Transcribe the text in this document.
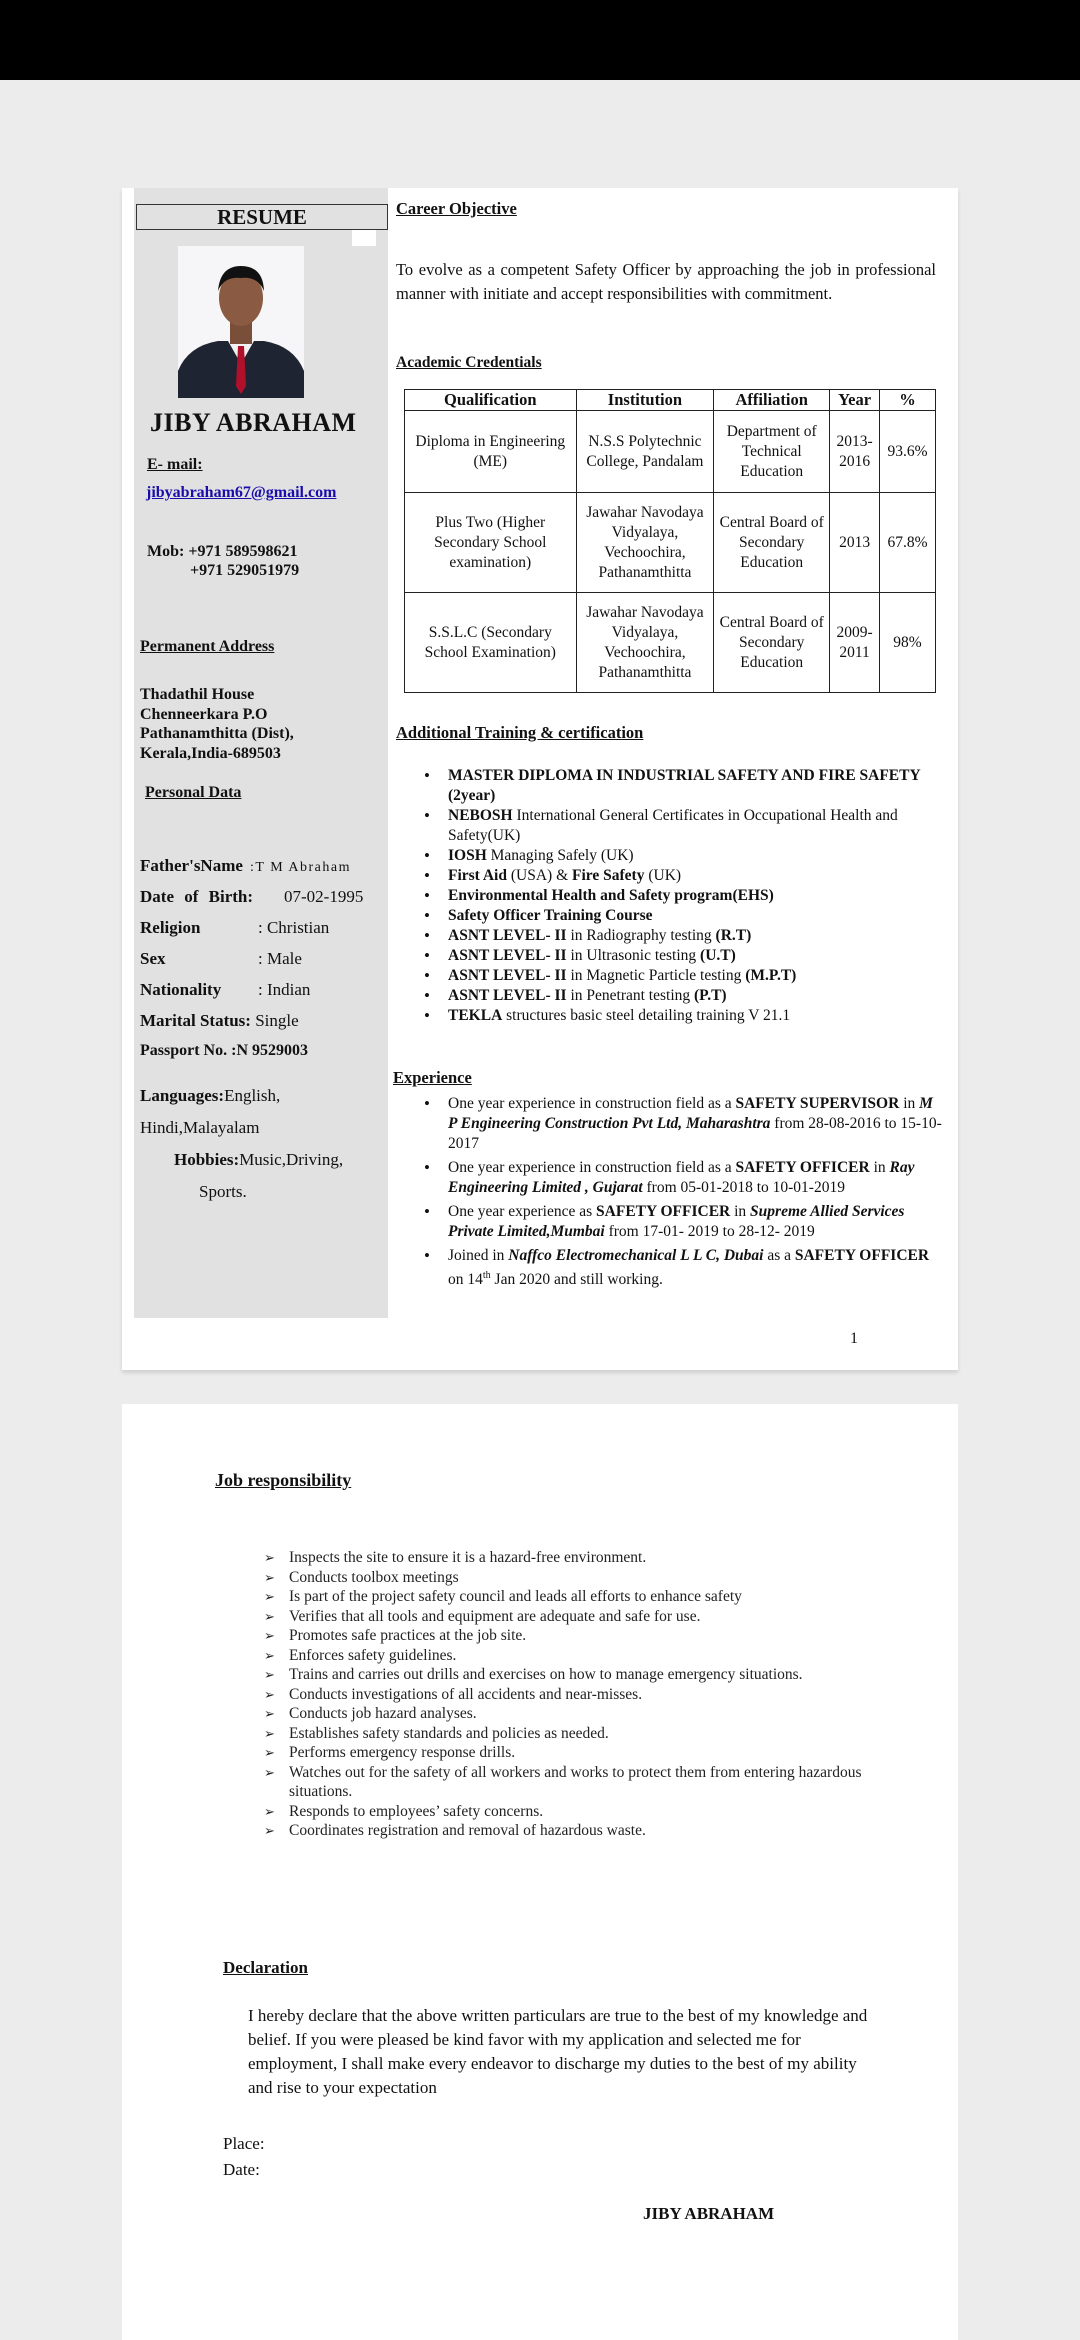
RESUME
JIBY ABRAHAM
E- mail:
jibyabraham67@gmail.com
Mob: +971 589598621
+971 529051979
Permanent Address
Thadathil House
Chenneerkara P.O
Pathanamthitta (Dist),
Kerala,India-689503
Personal Data
Father'sName :T M Abraham
Date of Birth: 07-02-1995
Religion	: Christian
Sex	: Male
Nationality : Indian
Marital Status: Single
Passport No. :N 9529003
Languages:English,
Hindi,Malayalam
Hobbies:Music,Driving,
Sports.
Career Objective
To evolve as a competent Safety Officer by approaching the job in professional manner with initiate and accept responsibilities with commitment.
Academic Credentials
Qualification	Institution	Affiliation	Year	%
Diploma in Engineering (ME)	N.S.S Polytechnic College, Pandalam	Department of Technical Education	2013-2016	93.6%
Plus Two (Higher Secondary School examination)	Jawahar Navodaya Vidyalaya, Vechoochira, Pathanamthitta	Central Board of Secondary Education	2013	67.8%
S.S.L.C (Secondary School Examination)	Jawahar Navodaya Vidyalaya, Vechoochira, Pathanamthitta	Central Board of Secondary Education	2009-2011	98%
Additional Training & certification
• MASTER DIPLOMA IN INDUSTRIAL SAFETY AND FIRE SAFETY (2year)
• NEBOSH International General Certificates in Occupational Health and Safety(UK)
• IOSH Managing Safely (UK)
• First Aid (USA) & Fire Safety (UK)
• Environmental Health and Safety program(EHS)
• Safety Officer Training Course
• ASNT LEVEL- II in Radiography testing (R.T)
• ASNT LEVEL- II in Ultrasonic testing (U.T)
• ASNT LEVEL- II in Magnetic Particle testing (M.P.T)
• ASNT LEVEL- II in Penetrant testing (P.T)
• TEKLA structures basic steel detailing training V 21.1
Experience
• One year experience in construction field as a SAFETY SUPERVISOR in M P Engineering Construction Pvt Ltd, Maharashtra from 28-08-2016 to 15-10-2017
• One year experience in construction field as a SAFETY OFFICER in Ray Engineering Limited , Gujarat from 05-01-2018 to 10-01-2019
• One year experience as SAFETY OFFICER in Supreme Allied Services Private Limited,Mumbai from 17-01- 2019 to 28-12- 2019
• Joined in Naffco Electromechanical L L C, Dubai as a SAFETY OFFICER on 14th Jan 2020 and still working.
1
Job responsibility
➢ Inspects the site to ensure it is a hazard-free environment.
➢ Conducts toolbox meetings
➢ Is part of the project safety council and leads all efforts to enhance safety
➢ Verifies that all tools and equipment are adequate and safe for use.
➢ Promotes safe practices at the job site.
➢ Enforces safety guidelines.
➢ Trains and carries out drills and exercises on how to manage emergency situations.
➢ Conducts investigations of all accidents and near-misses.
➢ Conducts job hazard analyses.
➢ Establishes safety standards and policies as needed.
➢ Performs emergency response drills.
➢ Watches out for the safety of all workers and works to protect them from entering hazardous situations.
➢ Responds to employees’ safety concerns.
➢ Coordinates registration and removal of hazardous waste.
Declaration
I hereby declare that the above written particulars are true to the best of my knowledge and belief. If you were pleased be kind favor with my application and selected me for employment, I shall make every endeavor to discharge my duties to the best of my ability and rise to your expectation
Place:
Date:
JIBY ABRAHAM
